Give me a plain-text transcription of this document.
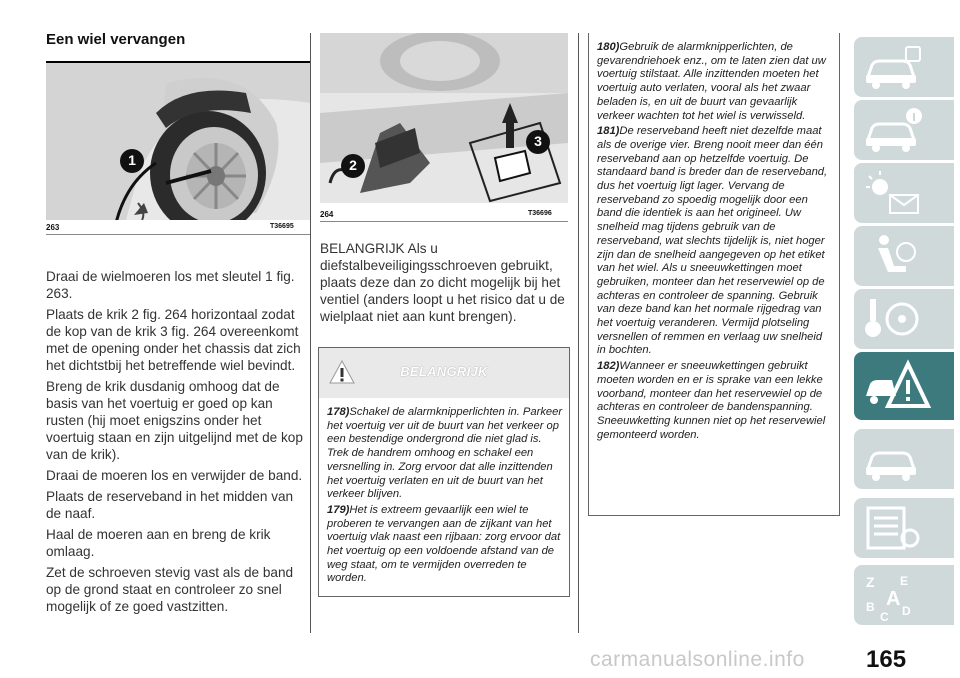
Een wiel vervangen
1
263	T36695

Draai de wielmoeren los met sleutel 1 fig. 263.

Plaats de krik 2 fig. 264 horizontaal zodat de kop van de krik 3 fig. 264 overeenkomt met de opening onder het chassis dat zich het dichtstbij het betreffende wiel bevindt.

Breng de krik dusdanig omhoog dat de basis van het voertuig er goed op kan rusten (hij moet enigszins onder het voertuig staan en zijn uitgelijnd met de kop van de krik).

Draai de moeren los en verwijder de band.

Plaats de reserveband in het midden van de naaf.

Haal de moeren aan en breng de krik omlaag.

Zet de schroeven stevig vast als de band op de grond staat en controleer zo snel mogelijk of ze goed vastzitten.

2
3
264	T36696

BELANGRIJK Als u diefstalbeveiligingsschroeven gebruikt, plaats deze dan zo dicht mogelijk bij het ventiel (anders loopt u het risico dat u de wielplaat niet aan kunt brengen).

BELANGRIJK

178)Schakel de alarmknipperlichten in. Parkeer het voertuig ver uit de buurt van het verkeer op een bestendige ondergrond die niet glad is. Trek de handrem omhoog en schakel een versnelling in. Zorg ervoor dat alle inzittenden het voertuig verlaten en uit de buurt van het verkeer blijven.

179)Het is extreem gevaarlijk een wiel te proberen te vervangen aan de zijkant van het voertuig vlak naast een rijbaan: zorg ervoor dat het voertuig op een voldoende afstand van de weg staat, om te vermijden overreden te worden.

180)Gebruik de alarmknipperlichten, de gevarendriehoek enz., om te laten zien dat uw voertuig stilstaat. Alle inzittenden moeten het voertuig auto verlaten, vooral als het zwaar beladen is, en uit de buurt van gevaarlijk verkeer wachten tot het wiel is verwisseld.

181)De reserveband heeft niet dezelfde maat als de overige vier. Breng nooit meer dan één reserveband aan op hetzelfde voertuig. De standaard band is breder dan de reserveband, dus het voertuig ligt lager. Vervang de reserveband zo spoedig mogelijk door een band die identiek is aan het origineel. Uw snelheid mag tijdens gebruik van de reserveband, wat slechts tijdelijk is, niet hoger zijn dan de snelheid aangegeven op het etiket van het wiel. Als u sneeuwkettingen moet gebruiken, monteer dan het reservewiel op de achteras en controleer de spanning. Gebruik van deze band kan het normale rijgedrag van het voertuig veranderen. Vermijd plotseling versnellen of remmen en verlaag uw snelheid in bochten.

182)Wanneer er sneeuwkettingen gebruikt moeten worden en er is sprake van een lekke voorband, monteer dan het reservewiel op de achteras en controleer de bandenspanning. Sneeuwketting kunnen niet op het reservewiel gemonteerd worden.

Z E
A
B
C D
165
carmanualsonline.info
